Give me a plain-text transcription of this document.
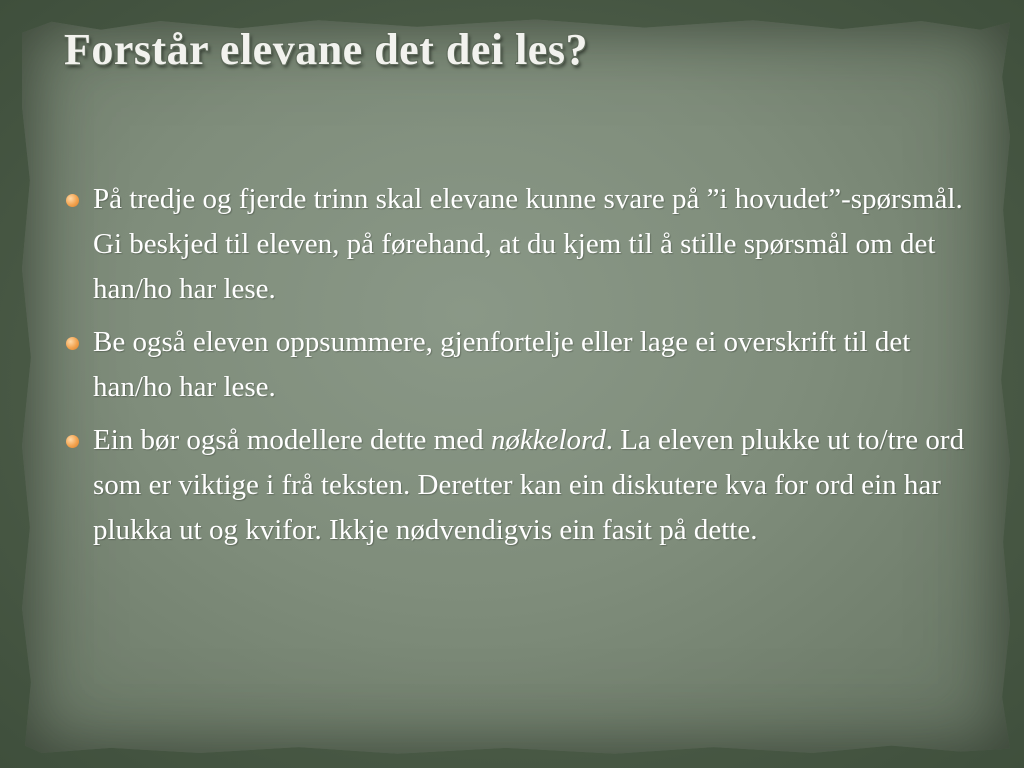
Forstår elevane det dei les?
På tredje og fjerde trinn skal elevane kunne svare på ”i hovudet”-spørsmål. Gi beskjed til eleven, på førehand, at du kjem til å stille spørsmål om det han/ho har lese.
Be også eleven oppsummere, gjenfortelje eller lage ei overskrift til det han/ho har lese.
Ein bør også modellere dette med nøkkelord. La eleven plukke ut to/tre ord som er viktige i frå teksten. Deretter kan ein diskutere kva for ord ein har plukka ut og kvifor. Ikkje nødvendigvis ein fasit på dette.
